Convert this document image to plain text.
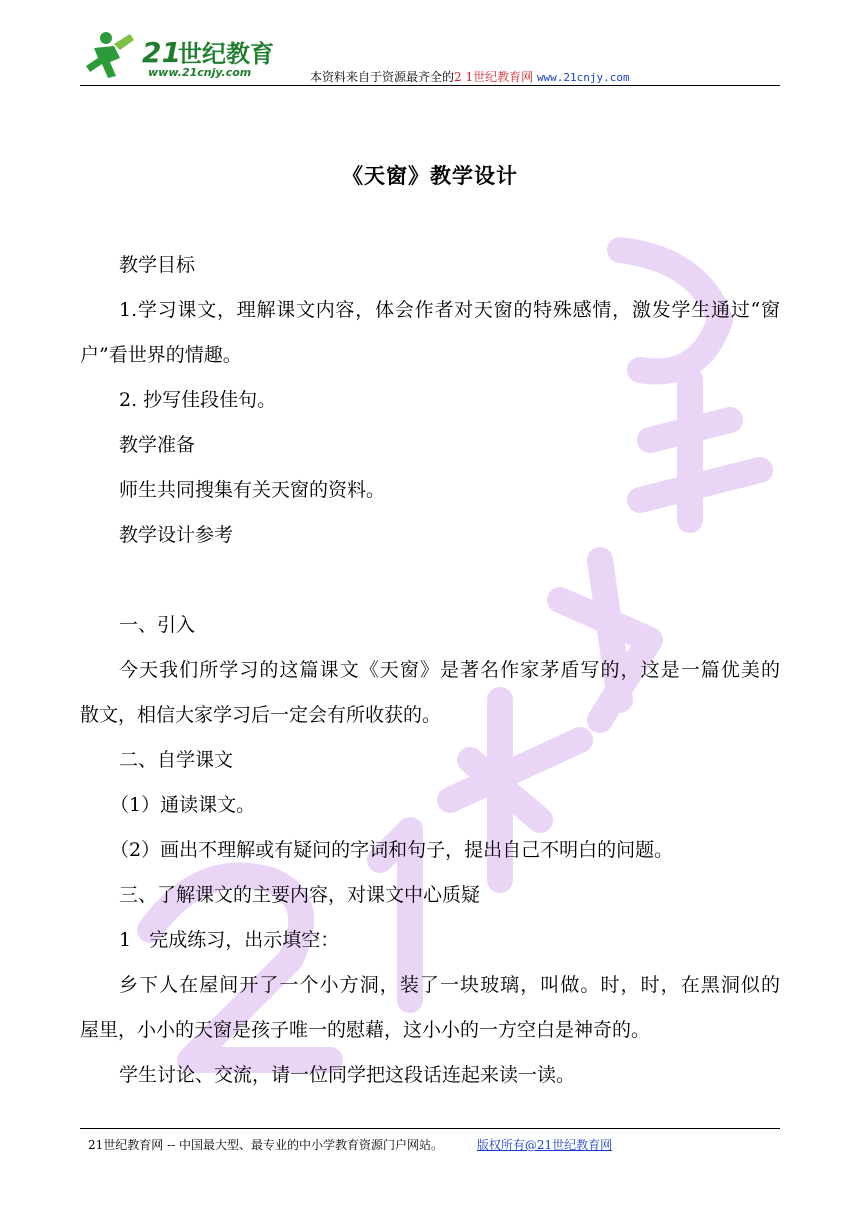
21
世纪教育
www.21cnjy.com	本资料来自于资源最齐全的2 1世纪教育网 www.21cnjy.com
《天窗》教学设计
教学目标
1.学习课文，理解课文内容，体会作者对天窗的特殊感情，激发学生通过“窗
户”看世界的情趣。
2. 抄写佳段佳句。
教学准备
师生共同搜集有关天窗的资料。
教学设计参考
一、引入
今天我们所学习的这篇课文《天窗》是著名作家茅盾写的，这是一篇优美的
散文，相信大家学习后一定会有所收获的。
二、自学课文
（1）通读课文。
（2）画出不理解或有疑问的字词和句子，提出自己不明白的问题。
三、了解课文的主要内容，对课文中心质疑
1   完成练习，出示填空：
乡下人在屋间开了一个小方洞，装了一块玻璃，叫做。时，时，在黑洞似的
屋里，小小的天窗是孩子唯一的慰藉，这小小的一方空白是神奇的。
学生讨论、交流，请一位同学把这段话连起来读一读。
21世纪教育网 -- 中国最大型、最专业的中小学教育资源门户网站。	版权所有@21世纪教育网
